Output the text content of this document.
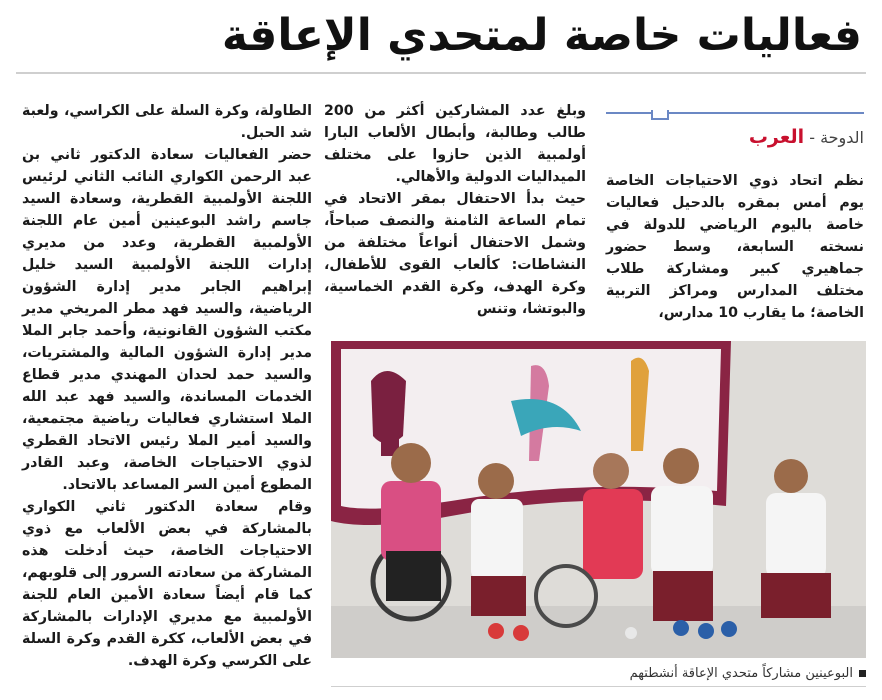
فعاليات خاصة لمتحدي الإعاقة
الدوحة - العرب

نظم اتحاد ذوي الاحتياجات الخاصة يوم أمس بمقره بالدحيل فعاليات خاصة باليوم الرياضي للدولة في نسخته السابعة، وسط حضور جماهيري كبير ومشاركة طلاب مختلف المدارس ومراكز التربية الخاصة؛ ما يقارب 10 مدارس،

وبلغ عدد المشاركين أكثر من 200 طالب وطالبة، وأبطال الألعاب البارا أولمبية الذين حازوا على مختلف الميداليات الدولية والأهالي.

حيث بدأ الاحتفال بمقر الاتحاد في تمام الساعة الثامنة والنصف صباحاً، وشمل الاحتفال أنواعاً مختلفة من النشاطات: كألعاب القوى للأطفال، وكرة الهدف، وكرة القدم الخماسية، والبوتشا، وتنس

الطاولة، وكرة السلة على الكراسي، ولعبة شد الحبل.

حضر الفعاليات سعادة الدكتور ثاني بن عبد الرحمن الكواري النائب الثاني لرئيس اللجنة الأولمبية القطرية، وسعادة السيد جاسم راشد البوعينين أمين عام اللجنة الأولمبية القطرية، وعدد من مديري إدارات اللجنة الأولمبية السيد خليل إبراهيم الجابر مدير إدارة الشؤون الرياضية، والسيد فهد مطر المريخي مدير مكتب الشؤون القانونية، وأحمد جابر الملا مدير إدارة الشؤون المالية والمشتريات، والسيد حمد لحدان المهندي مدير قطاع الخدمات المساندة، والسيد فهد عبد الله الملا استشاري فعاليات رياضية مجتمعية، والسيد أمير الملا رئيس الاتحاد القطري لذوي الاحتياجات الخاصة، وعبد القادر المطوع أمين السر المساعد بالاتحاد.

وقام سعادة الدكتور ثاني الكواري بالمشاركة في بعض الألعاب مع ذوي الاحتياجات الخاصة، حيث أدخلت هذه المشاركة من سعادته السرور إلى قلوبهم، كما قام أيضاً سعادة الأمين العام للجنة الأولمبية مع مديري الإدارات بالمشاركة في بعض الألعاب، ككرة القدم وكرة السلة على الكرسي وكرة الهدف.

البوعينين مشاركاً متحدي الإعاقة أنشطتهم
